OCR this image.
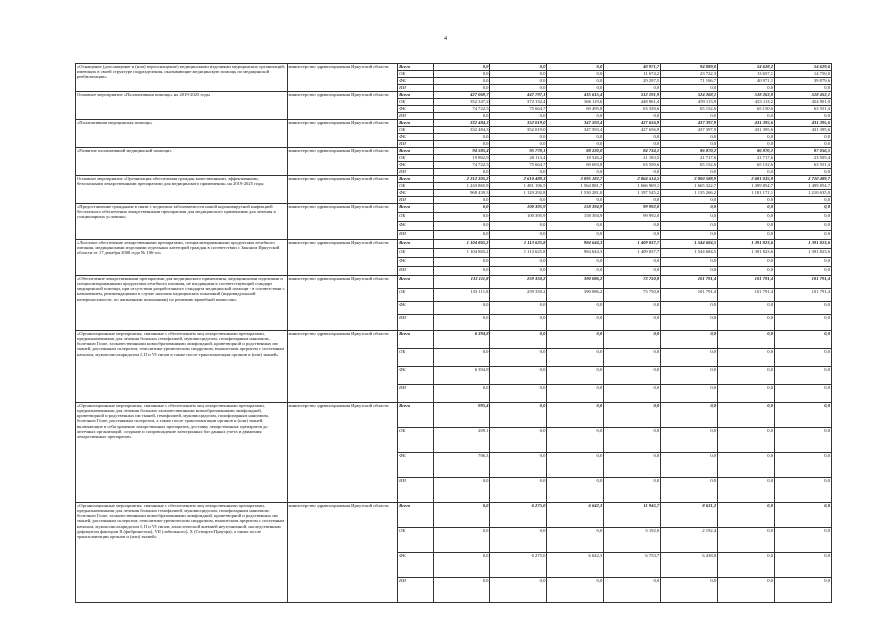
4
«Оснащение (дооснащение и (или) переоснащение) медицинскими изделиями медицинских организаций, имеющих в своей структуре подразделения, оказывающие медицинскую помощь по медицинской реабилитации»	министерство здравоохранения Иркутской области	Всего	0,0	0,0	0,0	40 971,7	94 889,0	54 628,2	54 629,6
		ОБ	0,0	0,0	0,0	11 674,2	23 722,3	13 657,1	14 750,0
		ФБ	0,0	0,0	0,0	29 297,5	71 166,7	40 971,1	39 879,6
		ИИ	0,0	0,0	0,0	0,0	0,0	0,0	0,0
Основное мероприятие «Паллиативная помощь» на 2019-2025 годы	министерство здравоохранения Иркутской области	Всего	427 069,7	447 797,1	435 615,4	512 191,9	524 268,1	518 263,8	518 452,1
		ОБ	352 347,2	372 132,4	366 119,6	448 861,4	459 115,9	453 113,2	454 901,0
		ФБ	74 722,5	75 664,7	69 495,8	63 330,6	65 152,6	65 150,6	63 551,4
		ИИ	0,0	0,0	0,0	0,0	0,0	0,0	0,0
«Паллиативная медицинская помощь»	министерство здравоохранения Иркутской области	Всего	332 484,3	352 019,0	347 593,4	427 656,9	437 397,9	431 395,6	431 395,6
		ОБ	332 484,3	352 019,0	347 593,4	427 656,9	437 397,9	431 395,6	431 395,6
		ФБ	0,0	0,0	0,0	0,0	0,0	0,0	0,0
		ИИ	0,0	0,0	0,0	0,0	0,0	0,0	0,0
«Развитие паллиативной медицинской помощи»	министерство здравоохранения Иркутской области	Всего	94 585,4	95 778,1	88 220,0	84 734,1	86 870,2	86 870,2	87 056,5
		ОБ	19 862,9	20 113,4	18 526,2	21 183,5	21 717,6	21 717,6	23 505,4
		ФБ	74 722,5	75 664,7	69 693,8	63 550,6	65 152,6	65 152,6	63 551,4
		ИИ	0,0	0,0	0,0	0,0	0,0	0,0	0,0
Основное мероприятие «Организация обеспечения граждан качественными, эффективными, безопасными лекарственными препаратами для медицинского применения» на 2019-2025 годы	министерство здравоохранения Иркутской области	Всего	2 212 305,2	2 610 489,3	3 095 182,7	2 864 514,5	2 800 588,9	2 681 035,8	2 710 489,7
		ОБ	1 243 865,9	1 481 196,5	1 564 881,7	1 666 969,1	1 665 322,7	1 499 854,7	1 499 854,7
		ФБ	968 439,3	1 129 292,8	1 530 281,0	1 197 545,2	1 135 266,2	1 181 171,1	1 210 635,0
		ИИ	0,0	0,0	0,0	0,0	0,0	0,0	0,0
«Предоставление гражданам в связи с подъемом заболеваемости новой коронавирусной инфекцией бесплатного обеспечения лекарственными препаратами для медицинского применения для лечения в стационарных условиях»	министерство здравоохранения Иркутской области	Всего	0,0	100 395,9	158 394,9	99 992,0	0,0	0,0	0,0
		ОБ	0,0	100 395,9	158 394,9	99 992,0	0,0	0,0	0,0
		ФБ	0,0	0,0	0,0	0,0	0,0	0,0	0,0
		ИИ	0,0	0,0	0,0	0,0	0,0	0,0	0,0
«Льготное обеспечение лекарственными препаратами, специализированными продуктами лечебного питания, медицинскими изделиями отдельных категорий граждан в соответствии с Законом Иркутской области от 17 декабря 2008 года № 106-оз»	министерство здравоохранения Иркутской области	Всего	1 104 865,2	1 113 625,8	984 644,3	1 409 837,7	1 544 684,5	1 391 823,6	1 391 823,6
		ОБ	1 104 865,2	1 113 625,8	984 644,3	1 409 837,7	1 544 684,5	1 391 823,6	1 391 823,6
		ФБ	0,0	0,0	0,0	0,0	0,0	0,0	0,0
		ИИ	0,0	0,0	0,0	0,0	0,0	0,0	0,0
«Обеспечение лекарственными препаратами для медицинского применения, медицинскими изделиями и специализированными продуктами лечебного питания, не входящими в соответствующий стандарт медицинской помощи, при отсутствии разработанного стандарта медицинской помощи - в соответствии с назначением, рекомендациями в случае наличия медицинских показаний (индивидуальной непереносимости, по жизненным показаниям) по решению врачебной комиссии»	министерство здравоохранения Иркутской области	Всего	133 111,8	259 350,2	390 086,2	73 750,8	101 791,4	101 791,4	101 791,4
		ОБ	133 111,8	259 350,2	390 086,2	73 750,8	101 791,4	101 791,4	101 791,4
		ФБ	0,0	0,0	0,0	0,0	0,0	0,0	0,0
		ИИ	0,0	0,0	0,0	0,0	0,0	0,0	0,0
«Организационные мероприятия, связанные с обеспечением лиц лекарственными препаратами, предназначенными для лечения больных гемофилией, муковисцидозом, гипофизарным нанизмом, болезнью Гоше, злокачественными новообразованиями лимфоидной, кроветворной и родственных им тканей, рассеянным склерозом, гемолитико-уремическим синдромом, юношеским артритом с системным началом, мукополисахаридозом I, II и VI типов в также после трансплантации органов и (или) тканей»	министерство здравоохранения Иркутской области	Всего	6 394,8	0,0	0,0	0,0	0,0	0,0	0,0
		ОБ	0,0	0,0	0,0	0,0	0,0	0,0	0,0
		ФБ	6 394,8	0,0	0,0	0,0	0,0	0,0	0,0
		ИИ	0,0	0,0	0,0	0,0	0,0	0,0	0,0
«Организационные мероприятия, связанные с обеспечением лиц лекарственными препаратами, предназначенными для лечения больных злокачественными новообразованиями лимфоидной, кроветворной и родственных им тканей, гемофилией, муковисцидозом, гипофизарным нанизмом, болезнью Гоше, рассеянным склерозом, а также после трансплантации органов и (или) тканей, включающие в себя хранение лекарственных препаратов, доставку лекарственных препаратов до аптечных организаций, создание и сопровождение электронных баз данных учета и движения лекарственных препаратов»	министерство здравоохранения Иркутской области	Всего	995,4	0,0	0,0	0,0	0,0	0,0	0,0
		ОБ	209,1	0,0	0,0	0,0	0,0	0,0	0,0
		ФБ	786,3	0,0	0,0	0,0	0,0	0,0	0,0
		ИИ	0,0	0,0	0,0	0,0	0,0	0,0	0,0
«Организационные мероприятия, связанные с обеспечением лиц лекарственными препаратами, предназначенными для лечения больных гемофилией, муковисцидозом, гипофизарным нанизмом, болезнью Гоше, злокачественными новообразованиями лимфоидной, кроветворной и родственных им тканей, рассеянным склерозом, гемолитико-уремическим синдромом, юношеским артритом с системным началом, мукополисахаридозом I, II и VI типов, апластической анемией неуточненной, наследственным дефицитом факторов II (фибриногена), VII (лабильного), X (Стюарта-Прауэра), а также после трансплантации органов и (или) тканей»	министерство здравоохранения Иркутской области	Всего	0,0	6 275,0	6 642,3	11 945,7	8 631,2	0,0	0,0
		ОБ	0,0	0,0	0,0	5 192,0	2 192,4	0,0	0,0
		ФБ	0,0	6 275,0	6 642,3	6 753,7	6 438,8	0,0	0,0
		ИИ	0,0	0,0	0,0	0,0	0,0	0,0	0,0
